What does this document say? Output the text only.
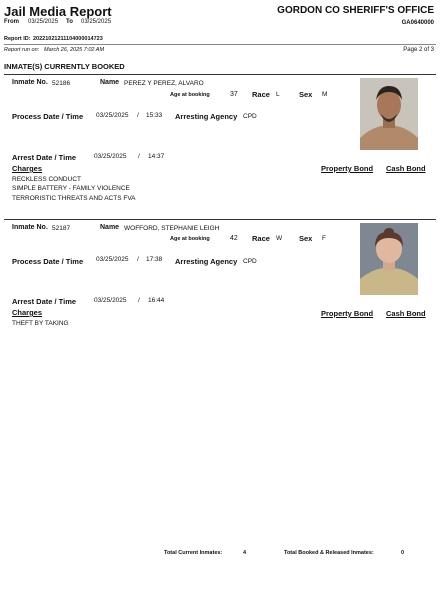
Jail Media Report	GORDON CO SHERIFF'S OFFICE
From 03/25/2025 To 03/25/2025	GA0640000
Report ID: 20221021211104000014723
Report run on: March 26, 2025 7:02 AM	Page 2 of 3
INMATE(S) CURRENTLY BOOKED
Inmate No. 52186	Name PEREZ Y PEREZ, ALVARO
Age at booking	37 Race L	Sex M
Process Date / Time 03/25/2025 / 15:33 Arresting Agency CPD
Arrest Date / Time	03/25/2025 / 14:37
Charges	Property Bond Cash Bond
RECKLESS CONDUCT
SIMPLE BATTERY - FAMILY VIOLENCE
TERRORISTIC THREATS AND ACTS FVA
Inmate No. 52187	Name WOFFORD, STEPHANIE LEIGH
Age at booking	42 Race W Sex F
Process Date / Time 03/25/2025 / 17:38 Arresting Agency CPD
Arrest Date / Time	03/25/2025 / 16:44
Charges	Property Bond Cash Bond
THEFT BY TAKING
Total Current Inmates:	4	Total Booked & Released Inmates:	0
